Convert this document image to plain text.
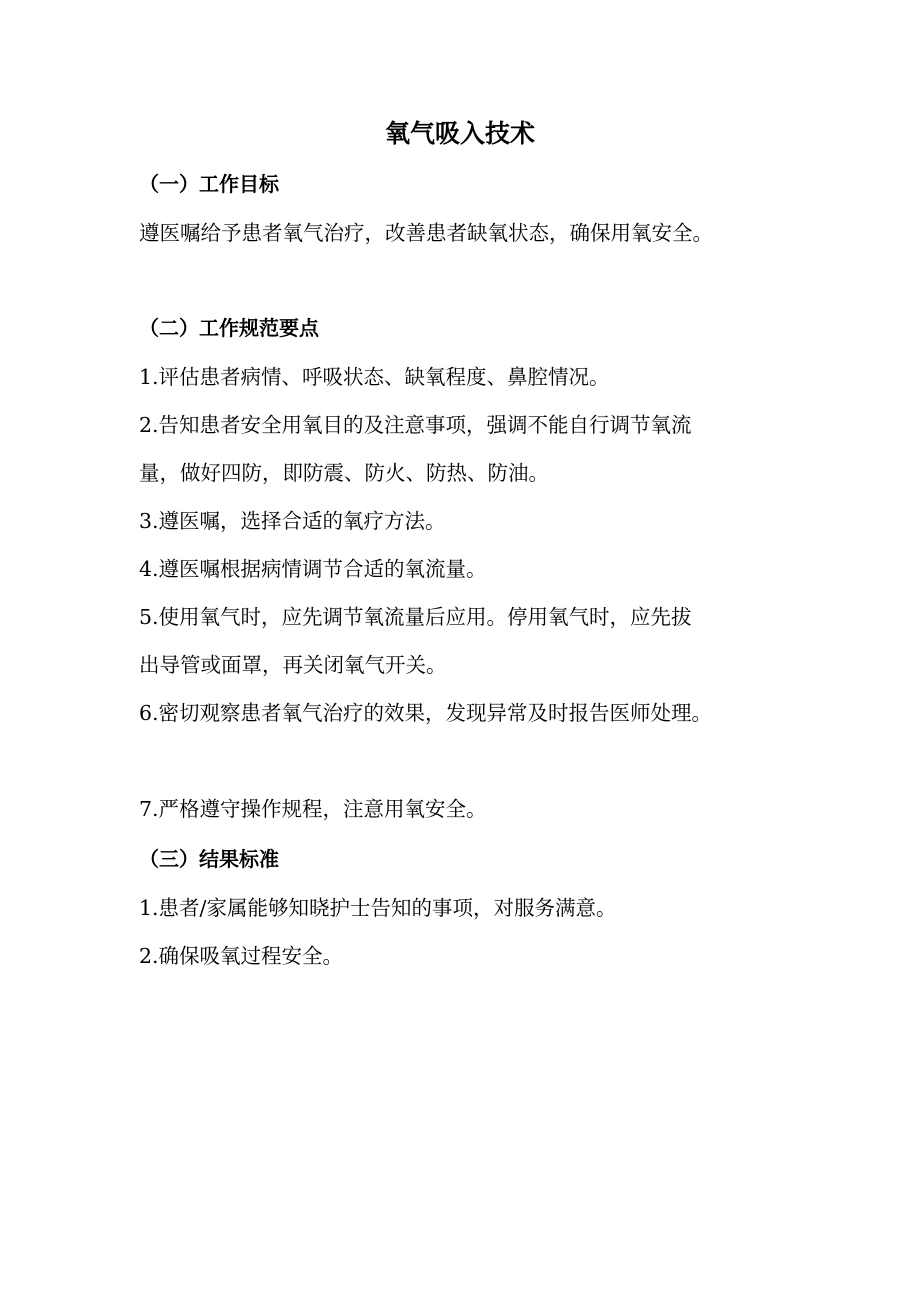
氧气吸入技术
（一）工作目标

遵医嘱给予患者氧气治疗，改善患者缺氧状态，确保用氧安全。

（二）工作规范要点

1.评估患者病情、呼吸状态、缺氧程度、鼻腔情况。

2.告知患者安全用氧目的及注意事项，强调不能自行调节氧流

量，做好四防，即防震、防火、防热、防油。

3.遵医嘱，选择合适的氧疗方法。

4.遵医嘱根据病情调节合适的氧流量。

5.使用氧气时，应先调节氧流量后应用。停用氧气时，应先拔

出导管或面罩，再关闭氧气开关。

6.密切观察患者氧气治疗的效果，发现异常及时报告医师处理。

7.严格遵守操作规程，注意用氧安全。

（三）结果标准

1.患者/家属能够知晓护士告知的事项，对服务满意。

2.确保吸氧过程安全。
